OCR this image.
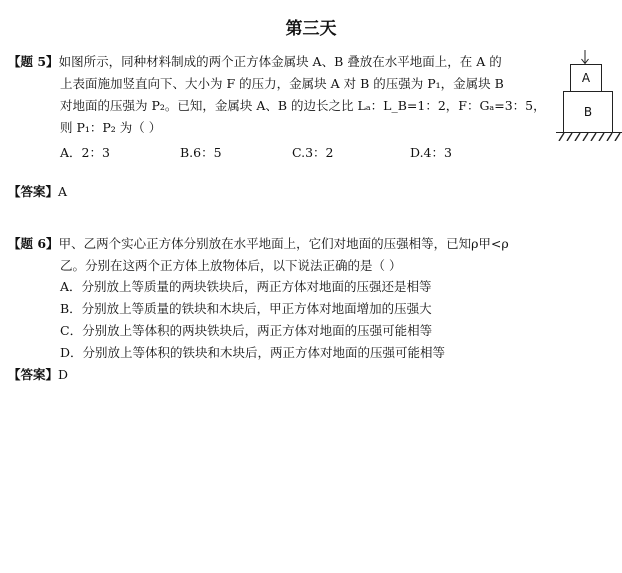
第三天
【题 5】如图所示，同种材料制成的两个正方体金属块 A、B 叠放在水平地面上，在 A 的
上表面施加竖直向下、大小为 F 的压力，金属块 A 对 B 的压强为 P₁，金属块 B
对地面的压强为 P₂。已知，金属块 A、B 的边长之比 Lₐ：L_B=1：2，F：Gₐ=3：5，
则 P₁：P₂ 为（ ）
A．2：3	B.6：5	C.3：2	D.4：3
A
B
【答案】A
【题 6】甲、乙两个实心正方体分别放在水平地面上，它们对地面的压强相等，已知ρ甲<ρ
乙。分别在这两个正方体上放物体后，以下说法正确的是（ ）
A．分别放上等质量的两块铁块后，两正方体对地面的压强还是相等
B．分别放上等质量的铁块和木块后，甲正方体对地面增加的压强大
C．分别放上等体积的两块铁块后，两正方体对地面的压强可能相等
D．分别放上等体积的铁块和木块后，两正方体对地面的压强可能相等
【答案】D
